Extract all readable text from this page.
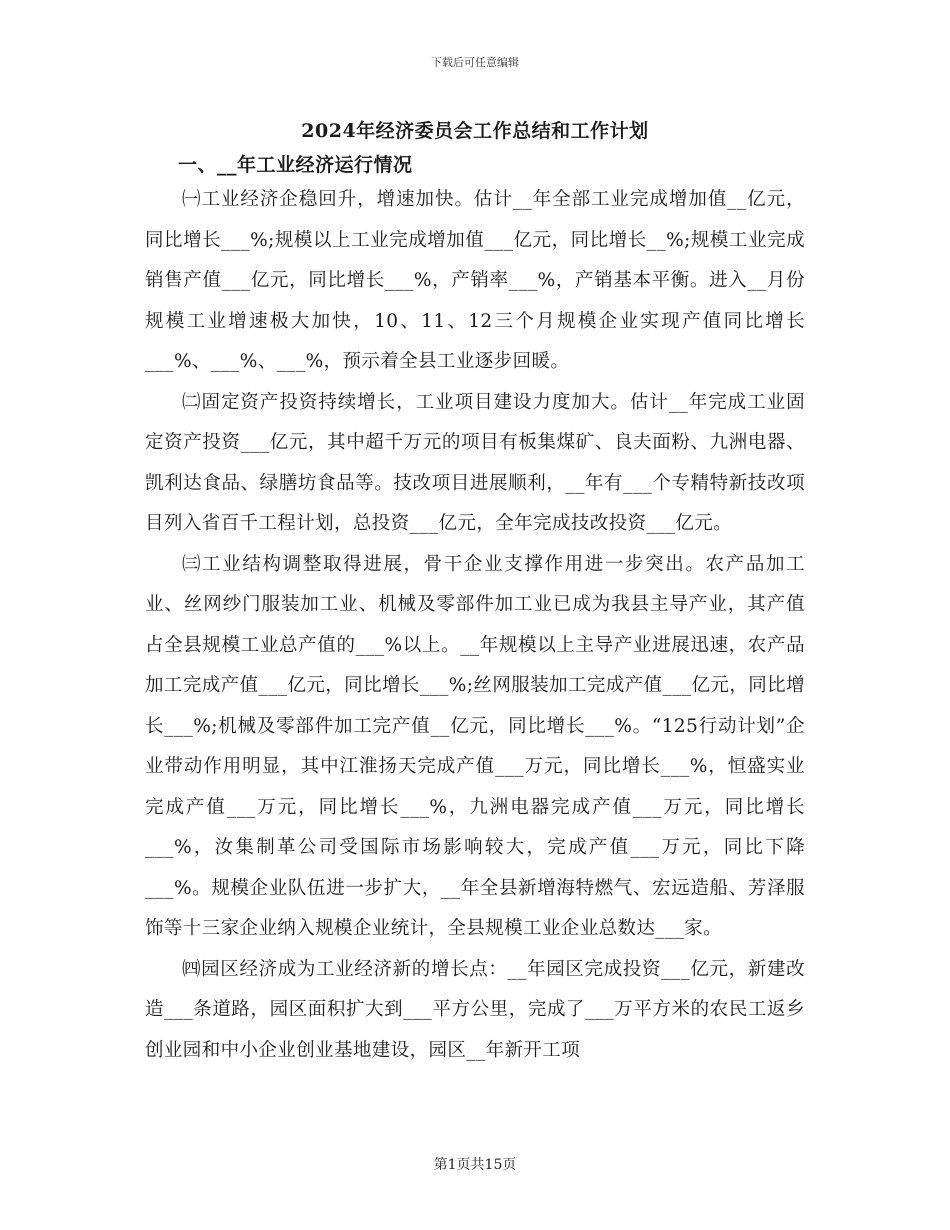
下载后可任意编辑
2024年经济委员会工作总结和工作计划
一、__年工业经济运行情况

㈠工业经济企稳回升，增速加快。估计__年全部工业完成增加值__亿元，同比增长___%;规模以上工业完成增加值___亿元，同比增长__%;规模工业完成销售产值___亿元，同比增长___%，产销率___%，产销基本平衡。进入__月份规模工业增速极大加快，10、11、12三个月规模企业实现产值同比增长___%、___%、___%，预示着全县工业逐步回暖。

㈡固定资产投资持续增长，工业项目建设力度加大。估计__年完成工业固定资产投资___亿元，其中超千万元的项目有板集煤矿、良夫面粉、九洲电器、凯利达食品、绿膳坊食品等。技改项目进展顺利，__年有___个专精特新技改项目列入省百千工程计划，总投资___亿元，全年完成技改投资___亿元。

㈢工业结构调整取得进展，骨干企业支撑作用进一步突出。农产品加工业、丝网纱门服装加工业、机械及零部件加工业已成为我县主导产业，其产值占全县规模工业总产值的___%以上。__年规模以上主导产业进展迅速，农产品加工完成产值___亿元，同比增长___%;丝网服装加工完成产值___亿元，同比增长___%;机械及零部件加工完产值__亿元，同比增长___%。“125行动计划”企业带动作用明显，其中江淮扬天完成产值___万元，同比增长___%，恒盛实业完成产值___万元，同比增长___%，九洲电器完成产值___万元，同比增长___%，汝集制革公司受国际市场影响较大，完成产值___万元，同比下降___%。规模企业队伍进一步扩大，__年全县新增海特燃气、宏远造船、芳泽服饰等十三家企业纳入规模企业统计，全县规模工业企业总数达___家。

㈣园区经济成为工业经济新的增长点：__年园区完成投资___亿元，新建改造___条道路，园区面积扩大到___平方公里，完成了___万平方米的农民工返乡创业园和中小企业创业基地建设，园区__年新开工项

第1页共15页
